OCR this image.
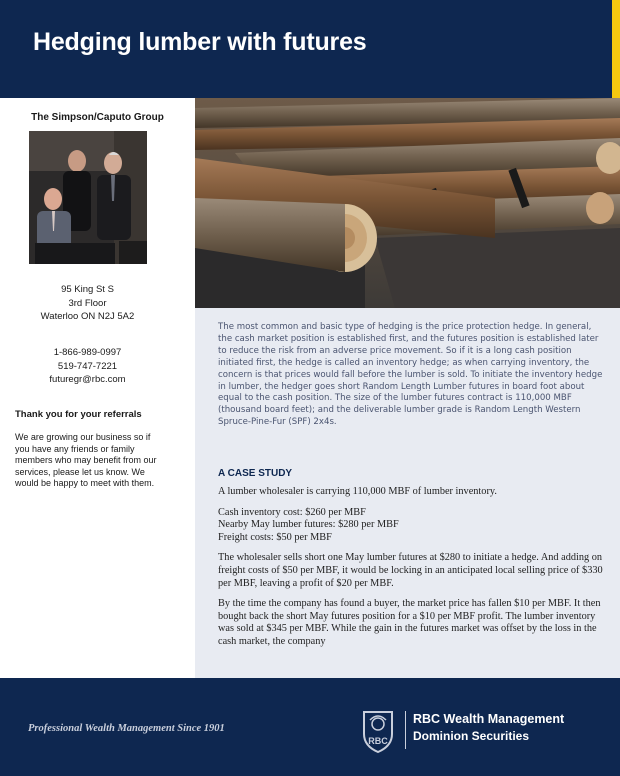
Hedging lumber with futures
The Simpson/Caputo Group
95 King St S
3rd Floor
Waterloo ON N2J 5A2
1-866-989-0997
519-747-7221
futuregr@rbc.com
Thank you for your referrals
We are growing our business so if you have any friends or family members who may benefit from our services, please let us know. We would be happy to meet with them.
The most common and basic type of hedging is the price protection hedge. In general, the cash market position is established first, and the futures position is established later to reduce the risk from an adverse price movement. So if it is a long cash position initiated first, the hedge is called an inventory hedge; as when carrying inventory, the concern is that prices would fall before the lumber is sold. To initiate the inventory hedge in lumber, the hedger goes short Random Length Lumber futures in board foot about equal to the cash position. The size of the lumber futures contract is 110,000 MBF (thousand board feet); and the deliverable lumber grade is Random Length Western Spruce-Pine-Fur (SPF) 2x4s.
A CASE STUDY

A lumber wholesaler is carrying 110,000 MBF of lumber inventory.

Cash inventory cost: $260 per MBF
Nearby May lumber futures: $280 per MBF
Freight costs: $50 per MBF

The wholesaler sells short one May lumber futures at $280 to initiate a hedge. And adding on freight costs of $50 per MBF, it would be locking in an anticipated local selling price of $330 per MBF, leaving a profit of $20 per MBF.

By the time the company has found a buyer, the market price has fallen $10 per MBF. It then bought back the short May futures position for a $10 per MBF profit. The lumber inventory was sold at $345 per MBF. While the gain in the futures market was offset by the loss in the cash market, the company

Professional Wealth Management Since 1901
RBC
RBC Wealth Management
Dominion Securities
